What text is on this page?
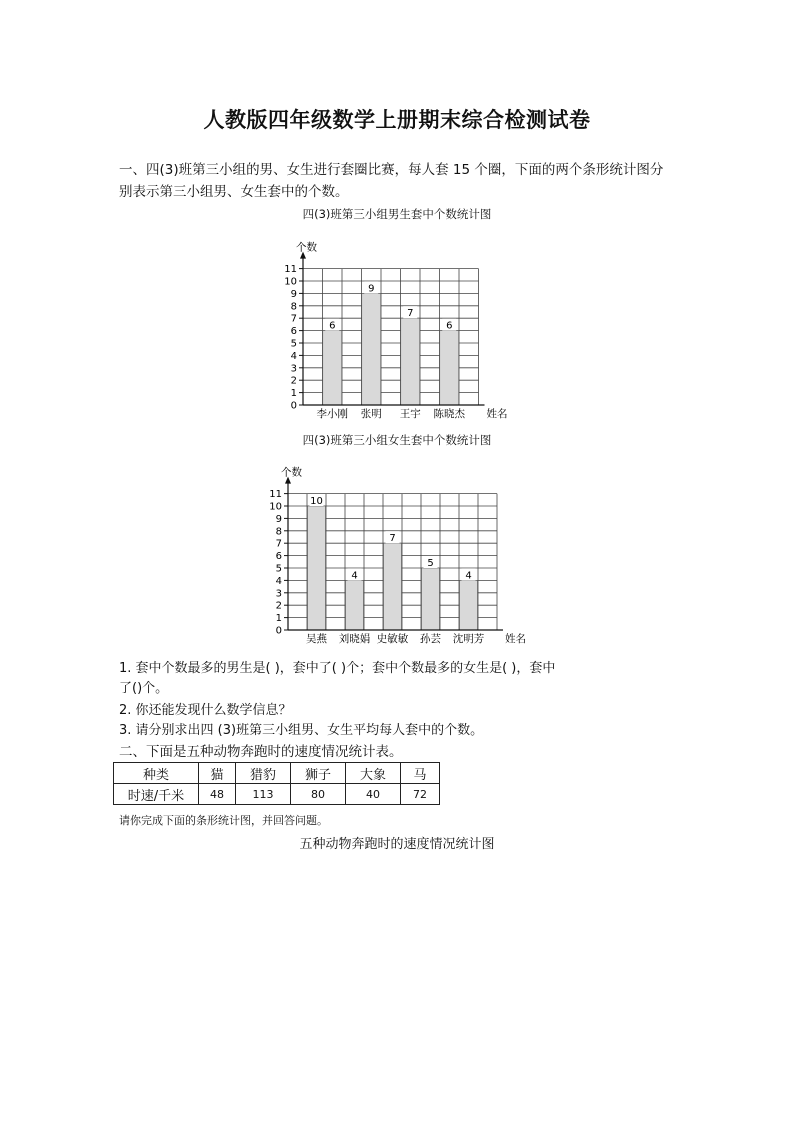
人教版四年级数学上册期末综合检测试卷

一、四(3)班第三小组的男、女生进行套圈比赛，每人套 15 个圈，下面的两个条形统计图分

别表示第三小组男、女生套中的个数。

四(3)班第三小组男生套中个数统计图
6
李小刚
9
张明
7
王宇
6
陈晓杰
0
1
2
3
4
5
6
7
8
9
10
11
个数
姓名
四(3)班第三小组女生套中个数统计图
10
吴燕
4
刘晓娟
7
史敏敏
5
孙芸
4
沈明芳
0
1
2
3
4
5
6
7
8
9
10
11
个数
姓名

1. 套中个数最多的男生是( )，套中了( )个；套中个数最多的女生是( )，套中

了()个。

2. 你还能发现什么数学信息？

3. 请分别求出四 (3)班第三小组男、女生平均每人套中的个数。

二、下面是五种动物奔跑时的速度情况统计表。

种类	猫	猎豹	狮子	大象	马
时速/千米	48	113	80	40	72

请你完成下面的条形统计图，并回答问题。

五种动物奔跑时的速度情况统计图
